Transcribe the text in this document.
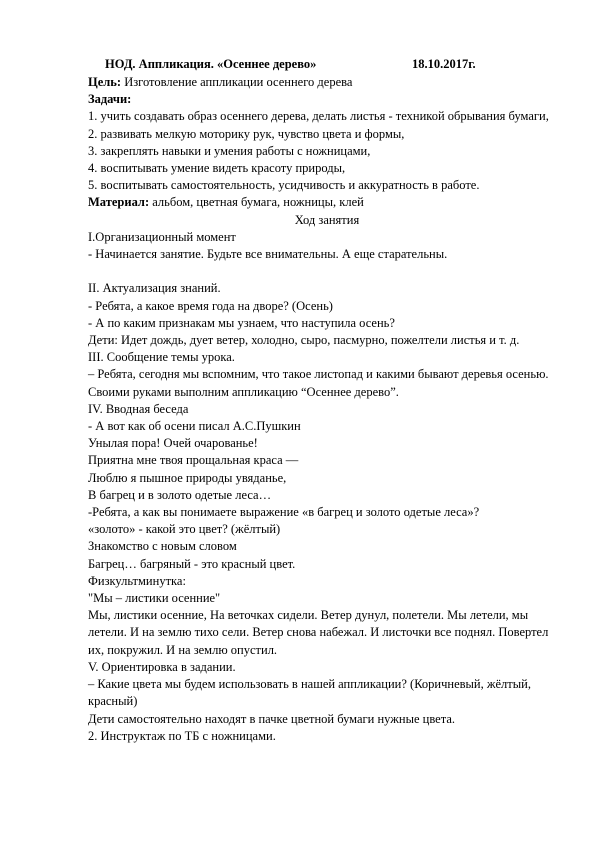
НОД. Аппликация. «Осеннее дерево»	18.10.2017г.
Цель: Изготовление аппликации осеннего дерева
Задачи:
1. учить создавать образ осеннего дерева, делать листья - техникой обрывания бумаги,
2. развивать мелкую моторику рук, чувство цвета и формы,
3. закреплять навыки и умения работы с ножницами,
4. воспитывать умение видеть красоту природы,
5. воспитывать самостоятельность, усидчивость и аккуратность в работе.
Материал: альбом, цветная бумага, ножницы, клей
Ход занятия
I.Организационный момент
- Начинается занятие. Будьте все внимательны. А еще старательны.
II. Актуализация знаний.
- Ребята, а какое время года на дворе? (Осень)
- А по каким признакам мы узнаем, что наступила осень?
Дети: Идет дождь, дует ветер, холодно, сыро, пасмурно, пожелтели листья и т. д.
III. Сообщение темы урока.
– Ребята, сегодня мы вспомним, что такое листопад и какими бывают деревья осенью. Своими руками выполним аппликацию “Осеннее дерево”.
IV. Вводная беседа
- А вот как об осени писал А.С.Пушкин
Унылая пора! Очей очарованье!
Приятна мне твоя прощальная краса —
Люблю я пышное природы увяданье,
В багрец и в золото одетые леса…
-Ребята, а как вы понимаете выражение «в багрец и золото одетые леса»?
«золото» - какой это цвет? (жёлтый)
Знакомство с новым словом
Багрец… багряный - это красный цвет.
Физкультминутка:
"Мы – листики осенние"
Мы, листики осенние, На веточках сидели. Ветер дунул, полетели. Мы летели, мы летели. И на землю тихо сели. Ветер снова набежал. И листочки все поднял. Повертел их, покружил. И на землю опустил.
V. Ориентировка в задании.
– Какие цвета мы будем использовать в нашей аппликации? (Коричневый, жёлтый, красный)
Дети самостоятельно находят в пачке цветной бумаги нужные цвета.
2. Инструктаж по ТБ с ножницами.
